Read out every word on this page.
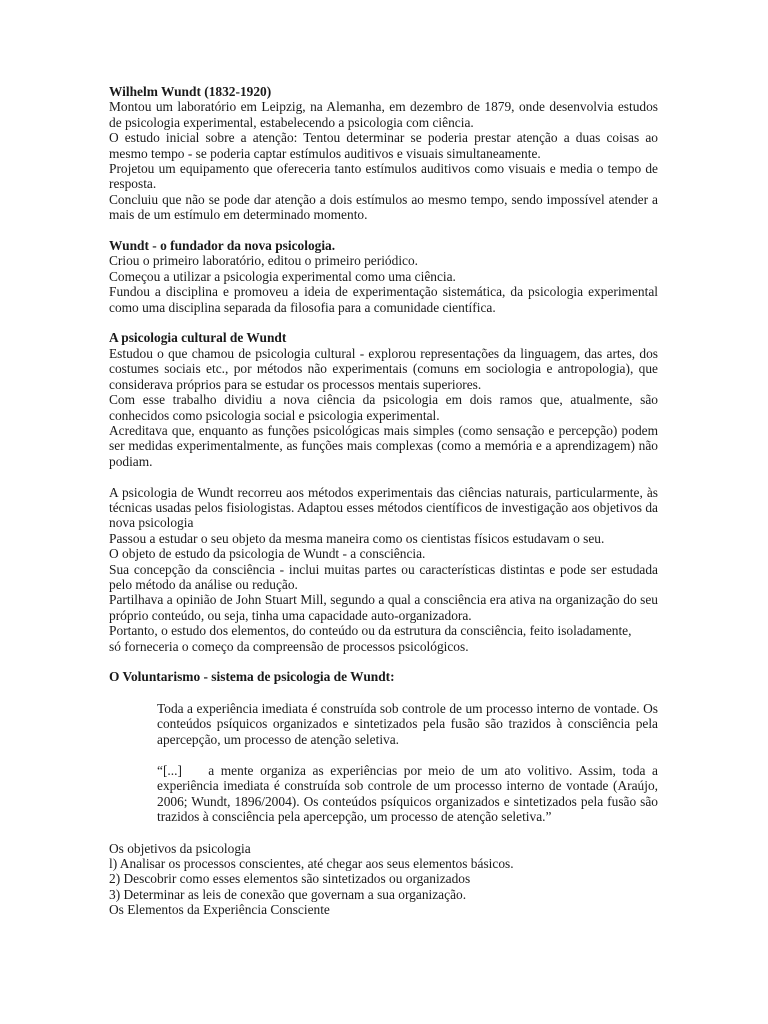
Wilhelm Wundt (1832-1920)

Montou um laboratório em Leipzig, na Alemanha, em dezembro de 1879, onde desenvolvia estudos de psicologia experimental, estabelecendo a psicologia com ciência.

O estudo inicial sobre a atenção: Tentou determinar se poderia prestar atenção a duas coisas ao mesmo tempo - se poderia captar estímulos auditivos e visuais simultaneamente.

Projetou um equipamento que ofereceria tanto estímulos auditivos como visuais e media o tempo de resposta.

Concluiu que não se pode dar atenção a dois estímulos ao mesmo tempo, sendo impossível atender a mais de um estímulo em determinado momento.

Wundt - o fundador da nova psicologia.

Criou o primeiro laboratório, editou o primeiro periódico.

Começou a utilizar a psicologia experimental como uma ciência.

Fundou a disciplina e promoveu a ideia de experimentação sistemática, da psicologia experimental como uma disciplina separada da filosofia para a comunidade científica.

A psicologia cultural de Wundt

Estudou o que chamou de psicologia cultural - explorou representações da linguagem, das artes, dos costumes sociais etc., por métodos não experimentais (comuns em sociologia e antropologia), que considerava próprios para se estudar os processos mentais superiores.

Com esse trabalho dividiu a nova ciência da psicologia em dois ramos que, atualmente, são conhecidos como psicologia social e psicologia experimental.

Acreditava que, enquanto as funções psicológicas mais simples (como sensação e percepção) podem ser medidas experimentalmente, as funções mais complexas (como a memória e a aprendizagem) não podiam.

A psicologia de Wundt recorreu aos métodos experimentais das ciências naturais, particularmente, às técnicas usadas pelos fisiologistas. Adaptou esses métodos científicos de investigação aos objetivos da nova psicologia

Passou a estudar o seu objeto da mesma maneira como os cientistas físicos estudavam o seu.

O objeto de estudo da psicologia de Wundt - a consciência.

Sua concepção da consciência - inclui muitas partes ou características distintas e pode ser estudada pelo método da análise ou redução.

Partilhava a opinião de John Stuart Mill, segundo a qual a consciência era ativa na organização do seu próprio conteúdo, ou seja, tinha uma capacidade auto-organizadora.

Portanto, o estudo dos elementos, do conteúdo ou da estrutura da consciência, feito isoladamente,

só forneceria o começo da compreensão de processos psicológicos.

O Voluntarismo - sistema de psicologia de Wundt:

Toda a experiência imediata é construída sob controle de um processo interno de vontade. Os conteúdos psíquicos organizados e sintetizados pela fusão são trazidos à consciência pela apercepção, um processo de atenção seletiva.

“[...]    a mente organiza as experiências por meio de um ato volitivo. Assim, toda a experiência imediata é construída sob controle de um processo interno de vontade (Araújo, 2006; Wundt, 1896/2004). Os conteúdos psíquicos organizados e sintetizados pela fusão são trazidos à consciência pela apercepção, um processo de atenção seletiva.”

Os objetivos da psicologia

l) Analisar os processos conscientes, até chegar aos seus elementos básicos.

2) Descobrir como esses elementos são sintetizados ou organizados

3) Determinar as leis de conexão que governam a sua organização.

Os Elementos da Experiência Consciente
